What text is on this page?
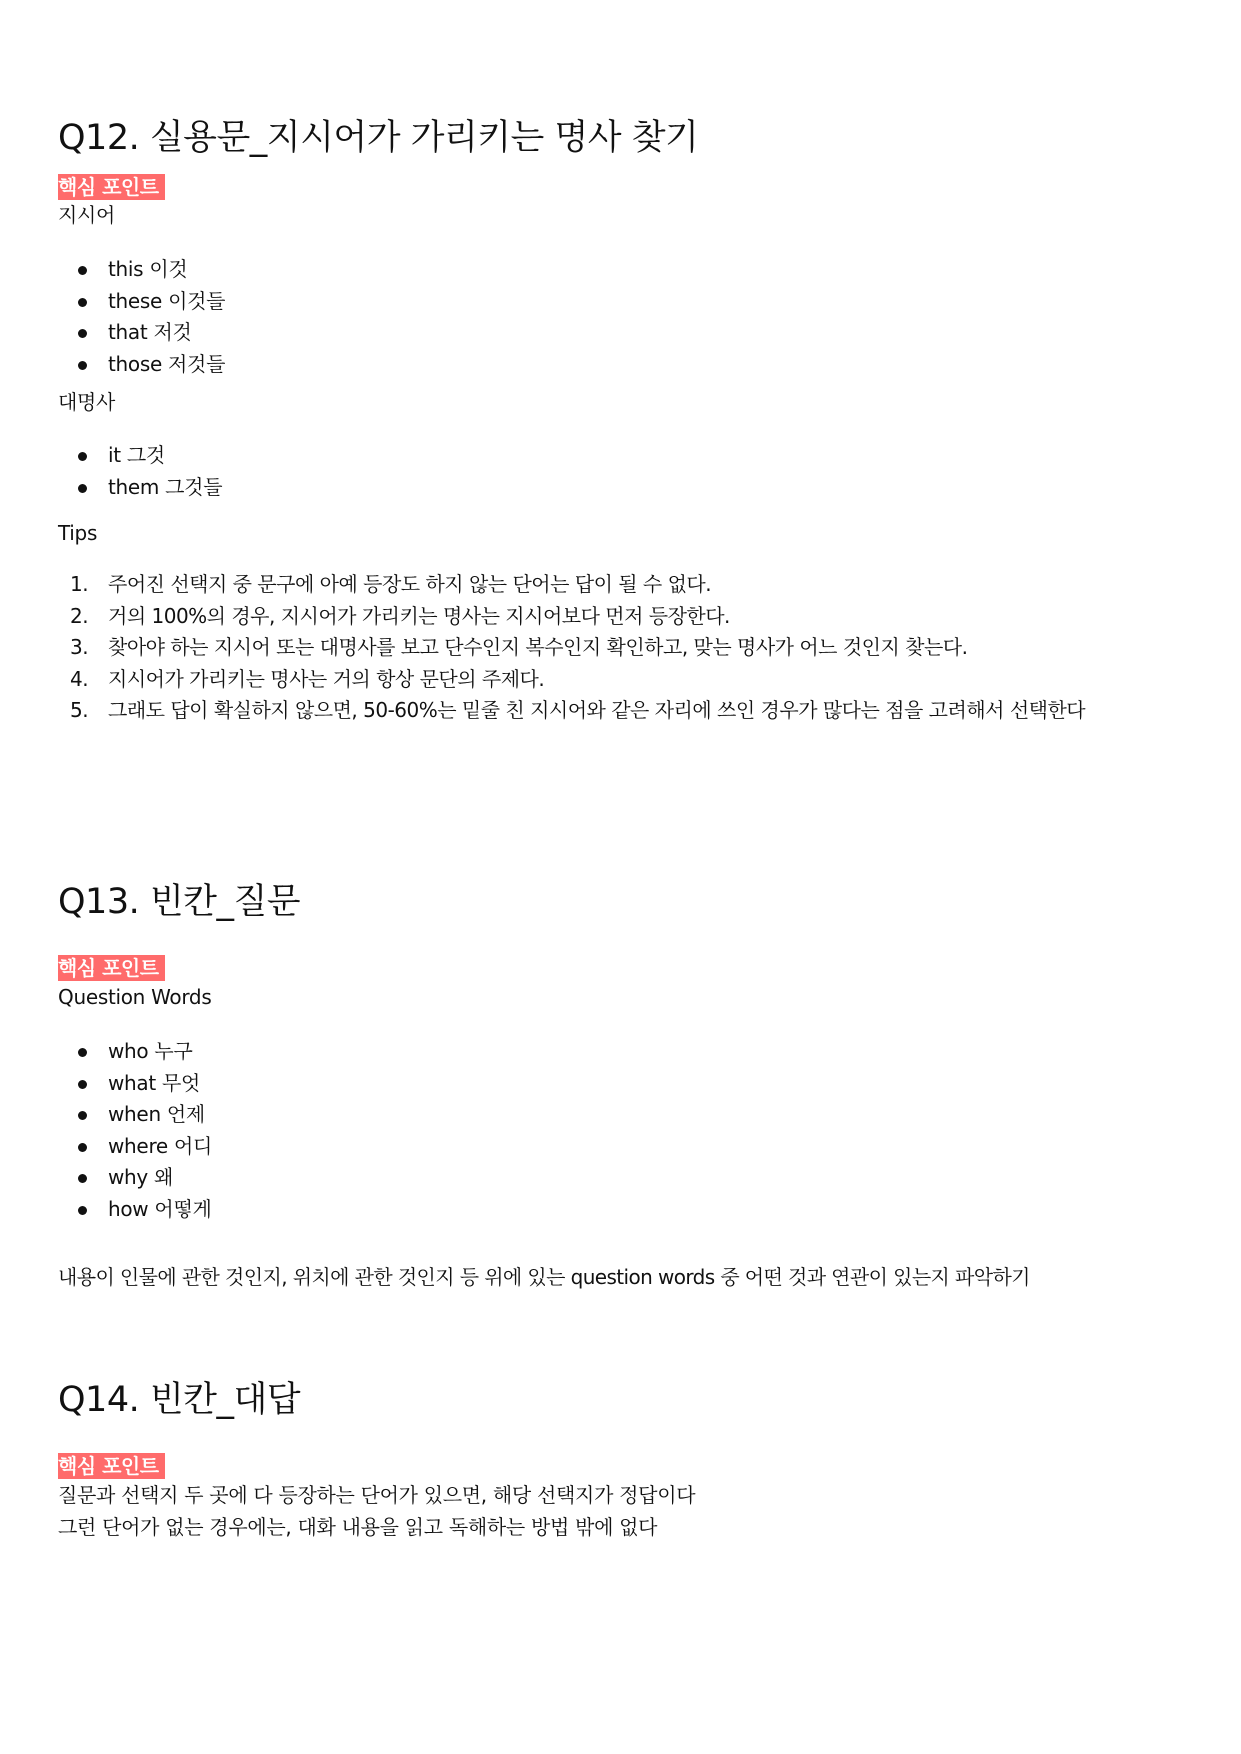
Q12. 실용문_지시어가 가리키는 명사 찾기
핵심 포인트

지시어

this 이것
these 이것들
that 저것
those 저것들

대명사

it 그것
them 그것들

Tips

1. 주어진 선택지 중 문구에 아예 등장도 하지 않는 단어는 답이 될 수 없다.
2. 거의 100%의 경우, 지시어가 가리키는 명사는 지시어보다 먼저 등장한다.
3. 찾아야 하는 지시어 또는 대명사를 보고 단수인지 복수인지 확인하고, 맞는 명사가 어느 것인지 찾는다.
4. 지시어가 가리키는 명사는 거의 항상 문단의 주제다.
5. 그래도 답이 확실하지 않으면, 50-60%는 밑줄 친 지시어와 같은 자리에 쓰인 경우가 많다는 점을 고려해서 선택한다
Q13. 빈칸_질문
핵심 포인트

Question Words

who 누구
what 무엇
when 언제
where 어디
why 왜
how 어떻게

내용이 인물에 관한 것인지, 위치에 관한 것인지 등 위에 있는 question words 중 어떤 것과 연관이 있는지 파악하기

Q14. 빈칸_대답
핵심 포인트

질문과 선택지 두 곳에 다 등장하는 단어가 있으면, 해당 선택지가 정답이다

그런 단어가 없는 경우에는, 대화 내용을 읽고 독해하는 방법 밖에 없다
